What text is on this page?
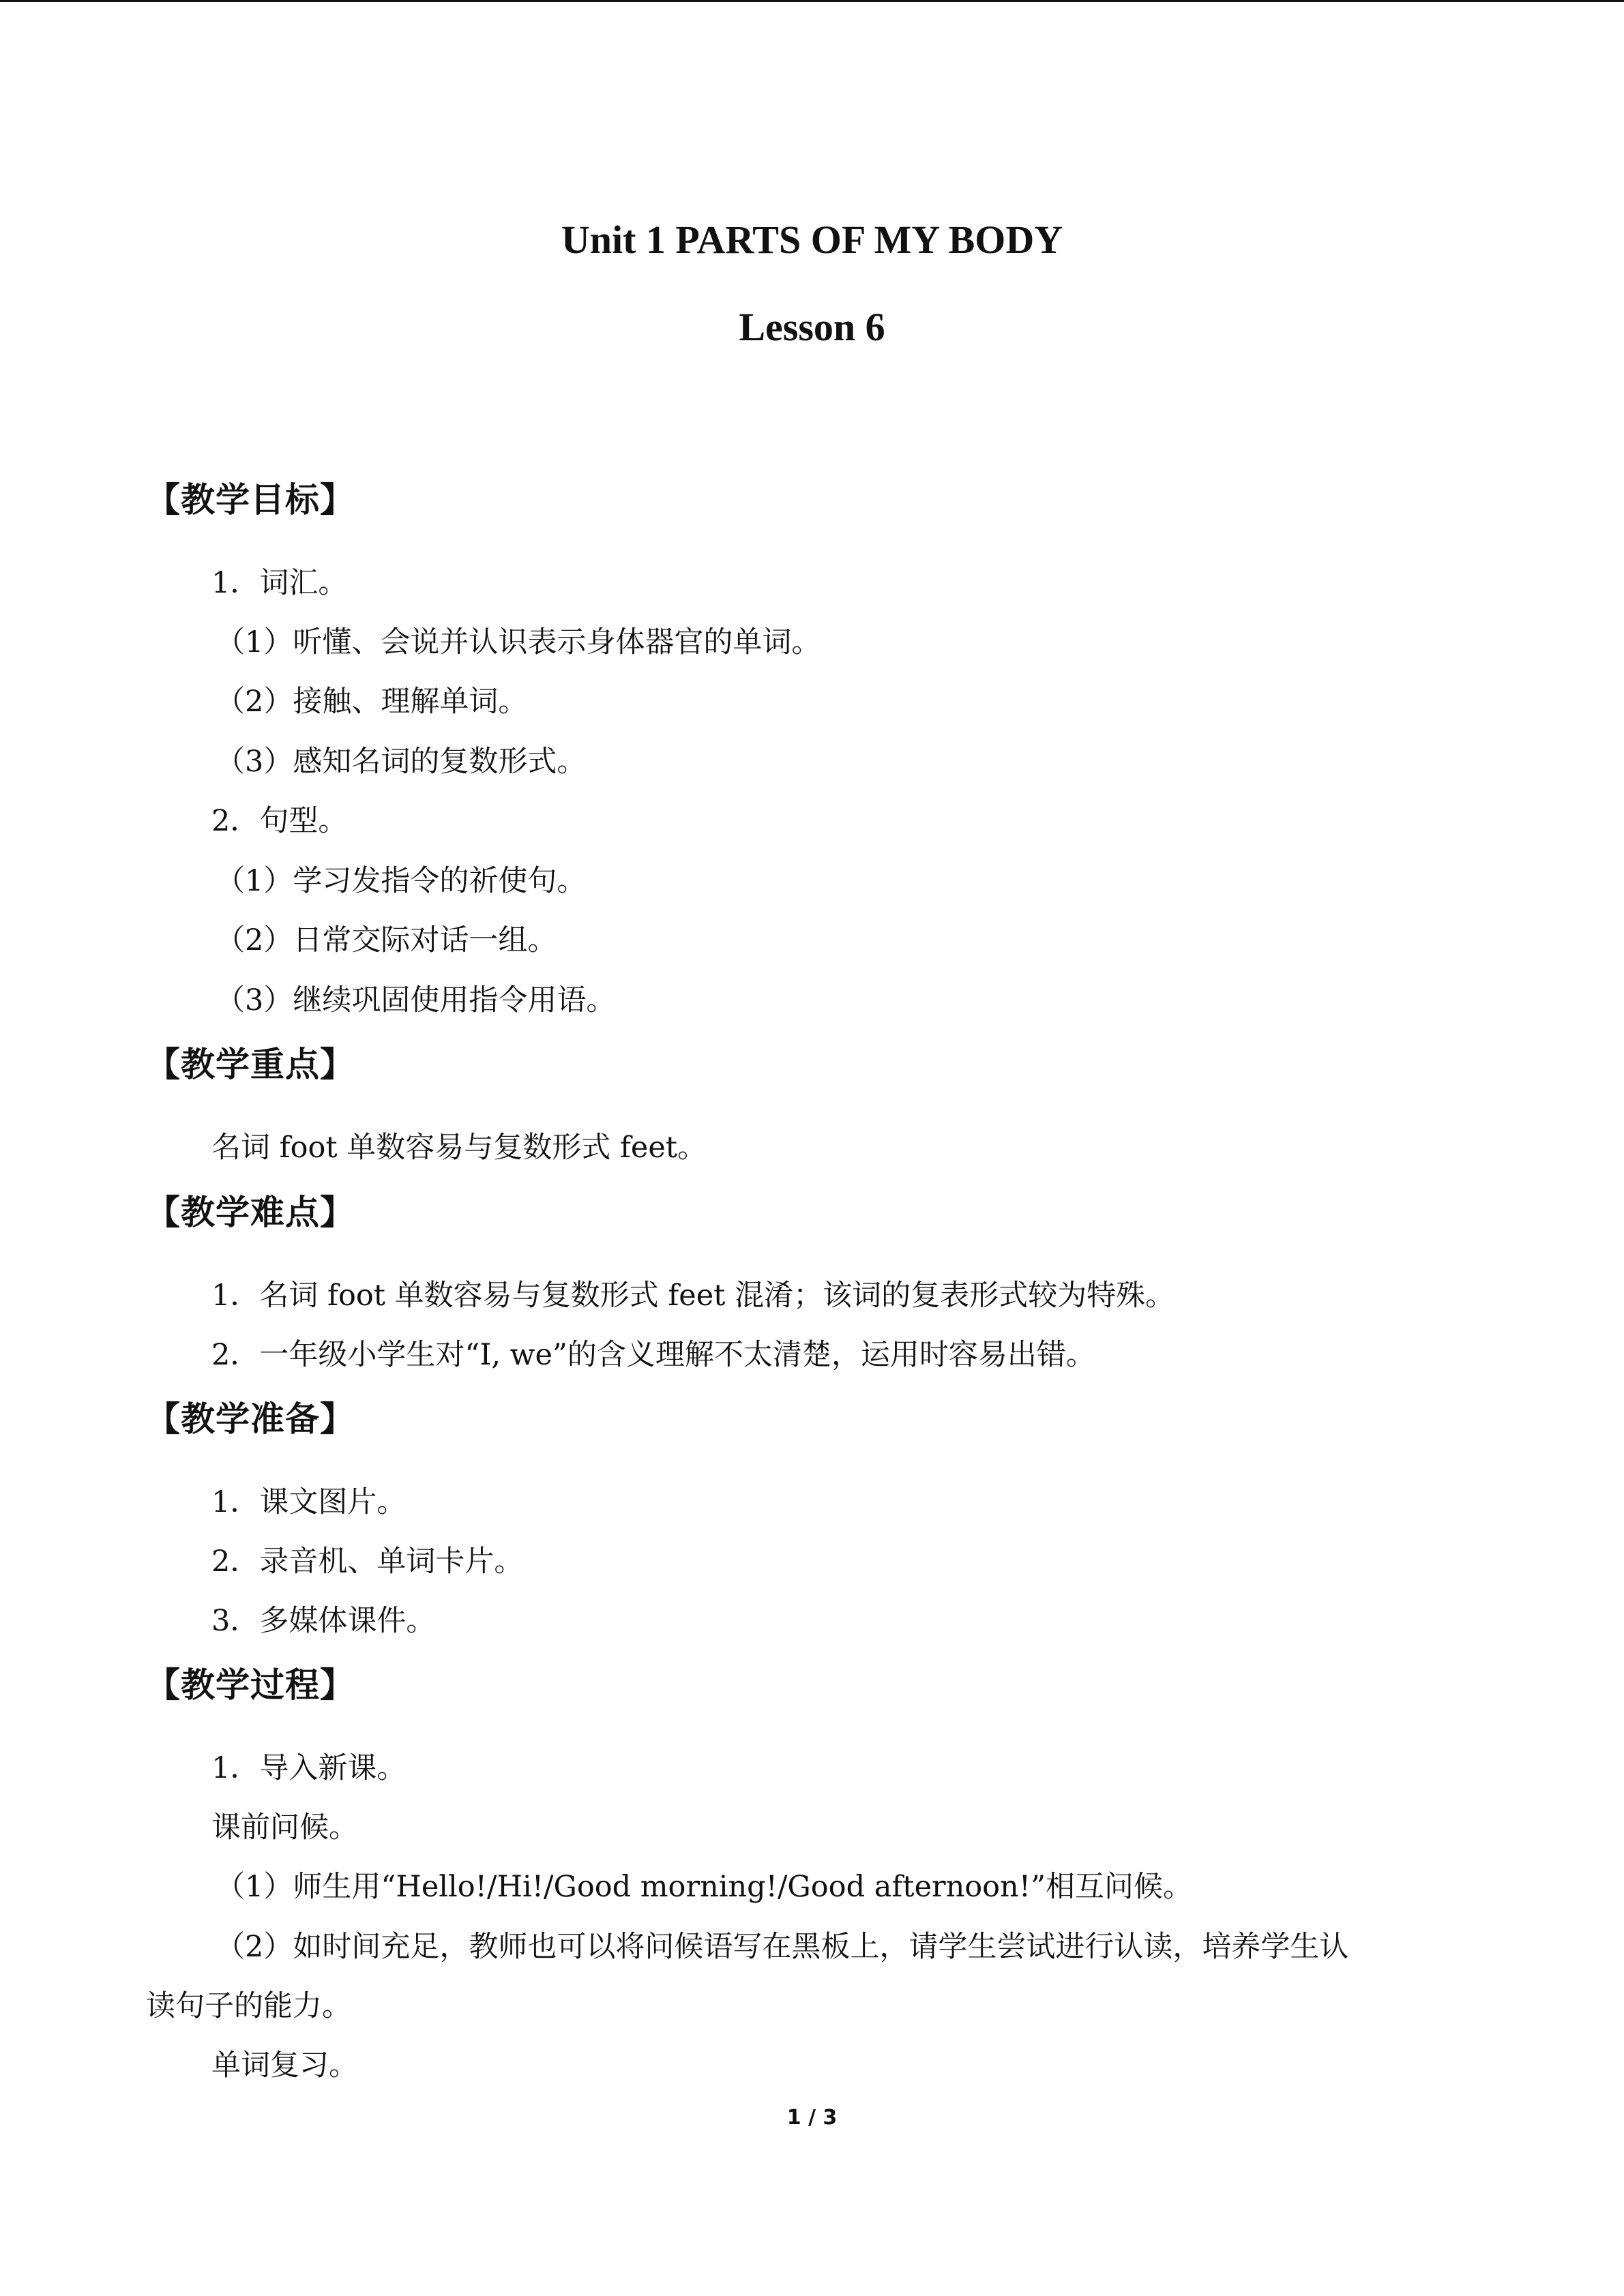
Unit 1 PARTS OF MY BODY
Lesson 6
【教学目标】
1．词汇。
（1）听懂、会说并认识表示身体器官的单词。
（2）接触、理解单词。
（3）感知名词的复数形式。
2．句型。
（1）学习发指令的祈使句。
（2）日常交际对话一组。
（3）继续巩固使用指令用语。
【教学重点】
名词 foot 单数容易与复数形式 feet。
【教学难点】
1．名词 foot 单数容易与复数形式 feet 混淆；该词的复表形式较为特殊。
2．一年级小学生对“I, we”的含义理解不太清楚，运用时容易出错。
【教学准备】
1．课文图片。
2．录音机、单词卡片。
3．多媒体课件。
【教学过程】
1．导入新课。
课前问候。
（1）师生用“Hello!/Hi!/Good morning!/Good afternoon!”相互问候。
（2）如时间充足，教师也可以将问候语写在黑板上，请学生尝试进行认读，培养学生认
读句子的能力。
单词复习。
1 / 3
